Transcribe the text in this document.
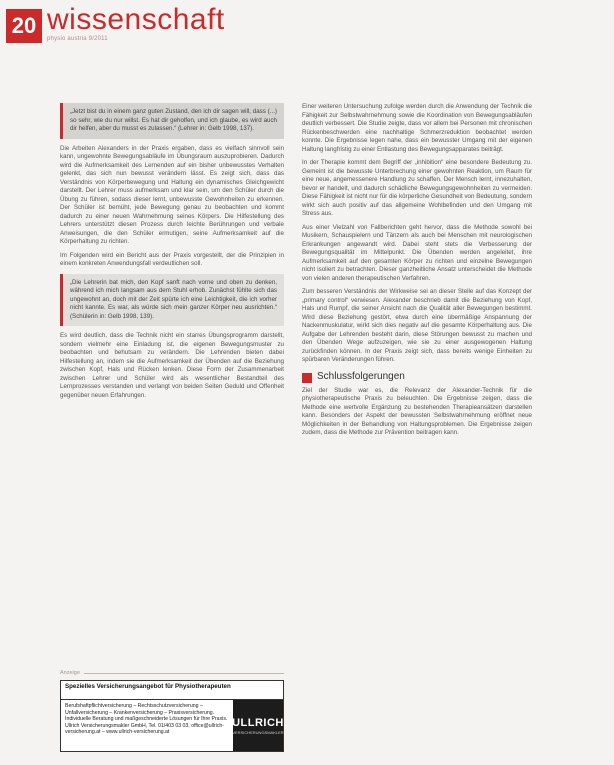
20 wissenschaft
physio austria 9/2011
„Jetzt bist du in einem ganz guten Zustand, den ich dir sagen will, dass (...) so sehr, wie du nur willst. Es hat dir geholfen, und ich glaube, es wird auch dir helfen, aber du musst es zulassen.“ (Lehrer in: Gelb 1998, 137).

Die Arbeiten Alexanders in der Praxis ergaben, dass es vielfach sinnvoll sein kann, ungewohnte Bewegungsabläufe im Übungsraum auszuprobieren. Dadurch wird die Aufmerksamkeit des Lernenden auf ein bisher unbewusstes Verhalten gelenkt, das sich nun bewusst verändern lässt. Es zeigt sich, dass das Verständnis von Körperbewegung und Haltung ein dynamisches Gleichgewicht darstellt. Der Lehrer muss aufmerksam und klar sein, um den Schüler durch die Übung zu führen, sodass dieser lernt, unbewusste Gewohnheiten zu erkennen. Der Schüler ist bemüht, jede Bewegung genau zu beobachten und kommt dadurch zu einer neuen Wahrnehmung seines Körpers. Die Hilfestellung des Lehrers unterstützt diesen Prozess durch leichte Berührungen und verbale Anweisungen, die den Schüler ermutigen, seine Aufmerksamkeit auf die Körperhaltung zu richten.

Im Folgenden wird ein Bericht aus der Praxis vorgestellt, der die Prinzipien in einem konkreten Anwendungsfall verdeutlichen soll.

„Die Lehrerin bat mich, den Kopf sanft nach vorne und oben zu denken, während ich mich langsam aus dem Stuhl erhob. Zunächst fühlte sich das ungewohnt an, doch mit der Zeit spürte ich eine Leichtigkeit, die ich vorher nicht kannte. Es war, als würde sich mein ganzer Körper neu ausrichten.“ (Schülerin in: Gelb 1998, 139).

Es wird deutlich, dass die Technik nicht ein starres Übungsprogramm darstellt, sondern vielmehr eine Einladung ist, die eigenen Bewegungsmuster zu beobachten und behutsam zu verändern. Die Lehrenden bieten dabei Hilfestellung an, indem sie die Aufmerksamkeit der Übenden auf die Beziehung zwischen Kopf, Hals und Rücken lenken. Diese Form der Zusammenarbeit zwischen Lehrer und Schüler wird als wesentlicher Bestandteil des Lernprozesses verstanden und verlangt von beiden Seiten Geduld und Offenheit gegenüber neuen Erfahrungen.

Anzeige
Spezielles Versicherungsangebot für Physiotherapeuten
Berufshaftpflichtversicherung – Rechtsschutzversicherung – Unfallversicherung – Krankenversicherung – Praxisversicherung. Individuelle Beratung und maßgeschneiderte Lösungen für Ihre Praxis. Ullrich Versicherungsmakler GmbH, Tel. 01/403 03 03, office@ullrich-versicherung.at – www.ullrich-versicherung.at
ULLRICH
VERSICHERUNGSMAKLER

Einer weiteren Untersuchung zufolge werden durch die Anwendung der Technik die Fähigkeit zur Selbstwahrnehmung sowie die Koordination von Bewegungsabläufen deutlich verbessert. Die Studie zeigte, dass vor allem bei Personen mit chronischen Rückenbeschwerden eine nachhaltige Schmerzreduktion beobachtet werden konnte. Die Ergebnisse legen nahe, dass ein bewusster Umgang mit der eigenen Haltung langfristig zu einer Entlastung des Bewegungsapparates beiträgt.

In der Therapie kommt dem Begriff der „inhibition“ eine besondere Bedeutung zu. Gemeint ist die bewusste Unterbrechung einer gewohnten Reaktion, um Raum für eine neue, angemessenere Handlung zu schaffen. Der Mensch lernt, innezuhalten, bevor er handelt, und dadurch schädliche Bewegungsgewohnheiten zu vermeiden. Diese Fähigkeit ist nicht nur für die körperliche Gesundheit von Bedeutung, sondern wirkt sich auch positiv auf das allgemeine Wohlbefinden und den Umgang mit Stress aus.

Aus einer Vielzahl von Fallberichten geht hervor, dass die Methode sowohl bei Musikern, Schauspielern und Tänzern als auch bei Menschen mit neurologischen Erkrankungen angewandt wird. Dabei steht stets die Verbesserung der Bewegungsqualität im Mittelpunkt. Die Übenden werden angeleitet, ihre Aufmerksamkeit auf den gesamten Körper zu richten und einzelne Bewegungen nicht isoliert zu betrachten. Dieser ganzheitliche Ansatz unterscheidet die Methode von vielen anderen therapeutischen Verfahren.

Zum besseren Verständnis der Wirkweise sei an dieser Stelle auf das Konzept der „primary control“ verwiesen. Alexander beschrieb damit die Beziehung von Kopf, Hals und Rumpf, die seiner Ansicht nach die Qualität aller Bewegungen bestimmt. Wird diese Beziehung gestört, etwa durch eine übermäßige Anspannung der Nackenmuskulatur, wirkt sich dies negativ auf die gesamte Körperhaltung aus. Die Aufgabe der Lehrenden besteht darin, diese Störungen bewusst zu machen und den Übenden Wege aufzuzeigen, wie sie zu einer ausgewogenen Haltung zurückfinden können. In der Praxis zeigt sich, dass bereits wenige Einheiten zu spürbaren Veränderungen führen.

Schlussfolgerungen

Ziel der Studie war es, die Relevanz der Alexander-Technik für die physiotherapeutische Praxis zu beleuchten. Die Ergebnisse zeigen, dass die Methode eine wertvolle Ergänzung zu bestehenden Therapieansätzen darstellen kann. Besonders der Aspekt der bewussten Selbstwahrnehmung eröffnet neue Möglichkeiten in der Behandlung von Haltungsproblemen. Die Ergebnisse zeigen zudem, dass die Methode zur Prävention beitragen kann.
